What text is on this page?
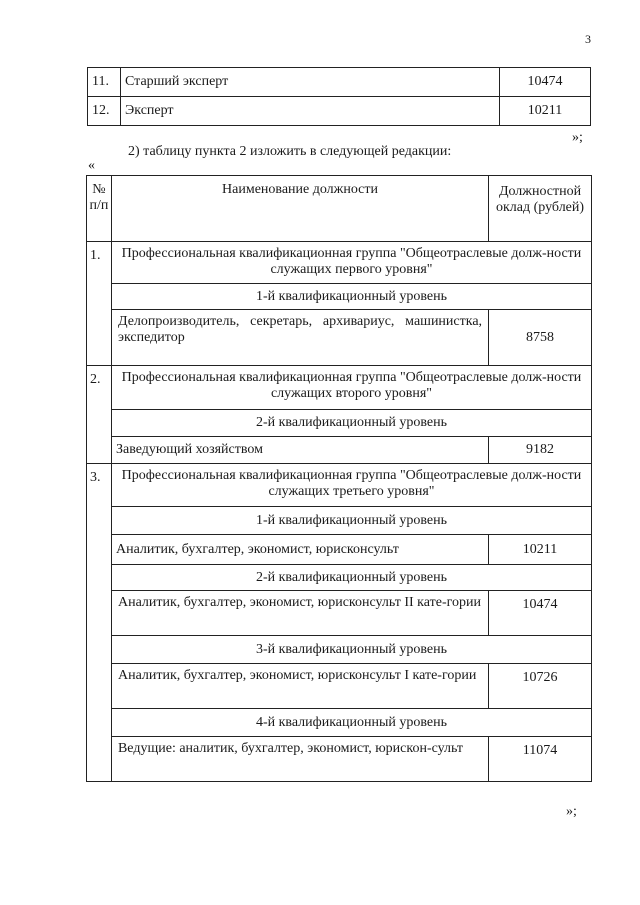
3
11.	Старший эксперт	10474
12.	Эксперт	10211
»;
2) таблицу пункта 2 изложить в следующей редакции:
«
№ п/п	Наименование должности	Должностной оклад (рублей)
1.	Профессиональная квалификационная группа "Общеотраслевые долж-ности служащих первого уровня"	
	1-й квалификационный уровень	
	Делопроизводитель, секретарь, архивариус, машинистка, экспедитор	8758
2.	Профессиональная квалификационная группа "Общеотраслевые долж-ности служащих второго уровня"	
	2-й квалификационный уровень	
	Заведующий хозяйством	9182
3.	Профессиональная квалификационная группа "Общеотраслевые долж-ности служащих третьего уровня"	
	1-й квалификационный уровень	
	Аналитик, бухгалтер, экономист, юрисконсульт	10211
	2-й квалификационный уровень	
	Аналитик, бухгалтер, экономист, юрисконсульт II кате-гории	10474
	3-й квалификационный уровень	
	Аналитик, бухгалтер, экономист, юрисконсульт I кате-гории	10726
	4-й квалификационный уровень	
	Ведущие: аналитик, бухгалтер, экономист, юрискон-сульт	11074
»;
